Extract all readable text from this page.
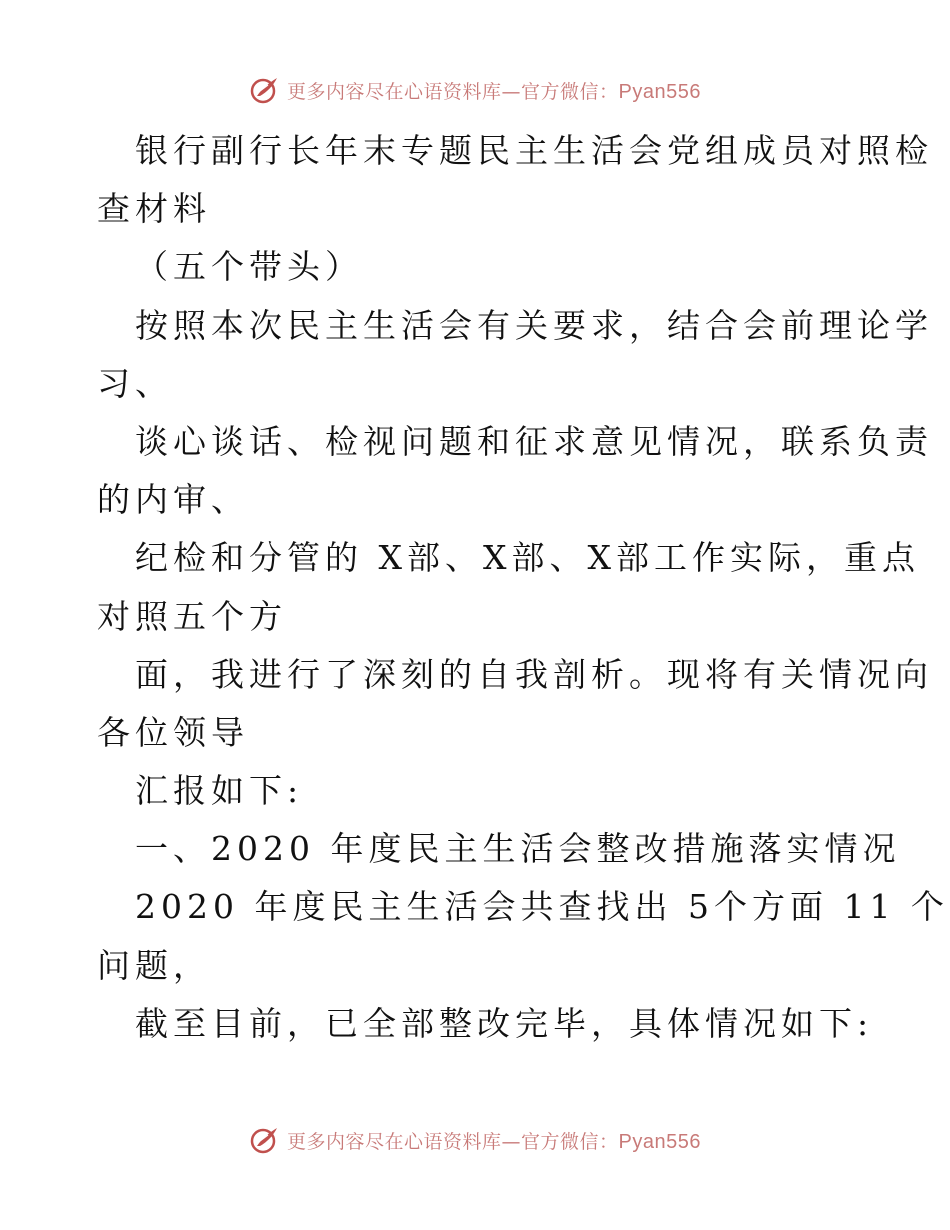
更多内容尽在心语资料库—官方微信：Pyan556
银行副行长年末专题民主生活会党组成员对照检
查材料
（五个带头）
按照本次民主生活会有关要求，结合会前理论学
习、
谈心谈话、检视问题和征求意见情况，联系负责
的内审、
纪检和分管的 X部、X部、X部工作实际，重点
对照五个方
面，我进行了深刻的自我剖析。现将有关情况向
各位领导
汇报如下:
一、2020 年度民主生活会整改措施落实情况
2020 年度民主生活会共查找出 5个方面 11 个
问题，
截至目前，已全部整改完毕，具体情况如下:
更多内容尽在心语资料库—官方微信：Pyan556
